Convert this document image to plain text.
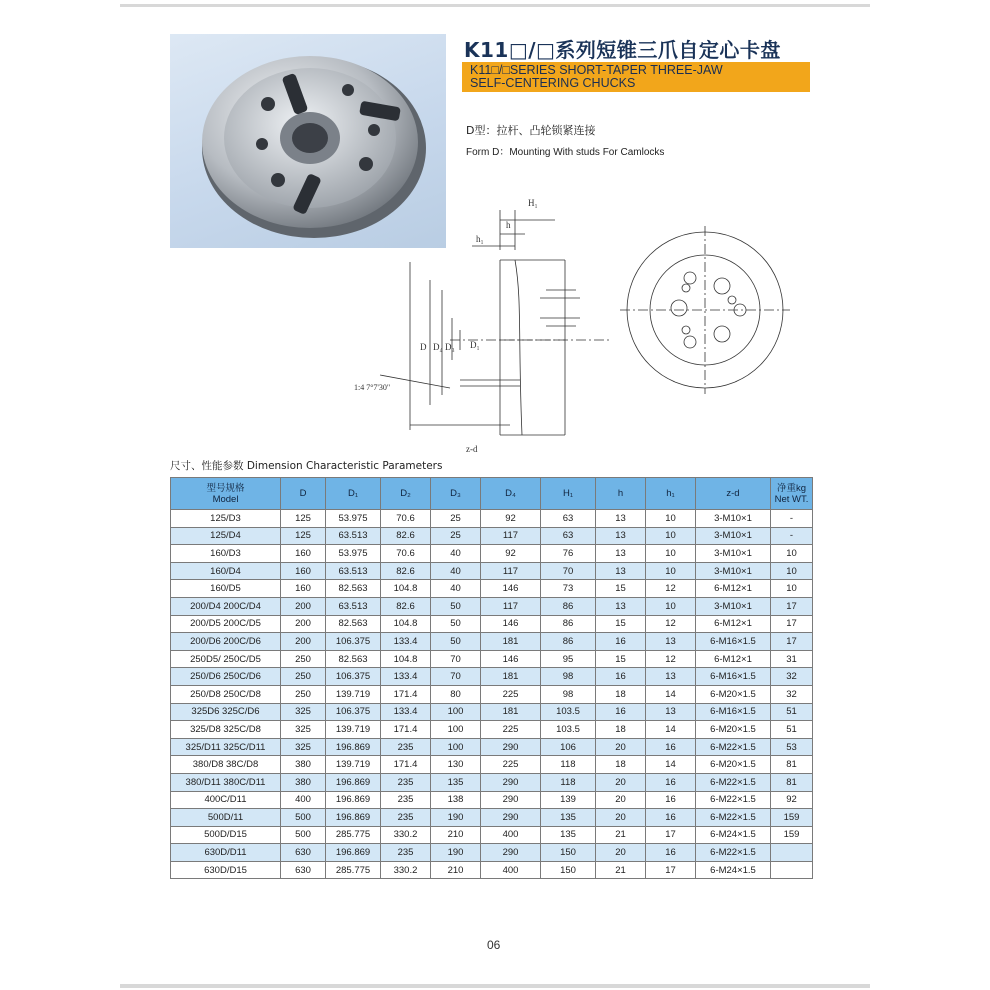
K11□/□系列短锥三爪自定心卡盘
K11□/□SERIES SHORT-TAPER THREE-JAW
SELF-CENTERING CHUCKS
D型：拉杆、凸轮锁紧连接
Form D：Mounting With studs For Camlocks
H₁
h
h₁
D D₄ D₃ D₁
1:4 7°7'30"
z-d
尺寸、性能参数 Dimension Characteristic Parameters
型号规格
Model	D	D₁	D₂	D₃	D₄	H₁	h	h₁	z-d	净重kg
Net WT.
125/D3	125	53.975	70.6	25	92	63	13	10	3-M10×1	-
125/D4	125	63.513	82.6	25	117	63	13	10	3-M10×1	-
160/D3	160	53.975	70.6	40	92	76	13	10	3-M10×1	10
160/D4	160	63.513	82.6	40	117	70	13	10	3-M10×1	10
160/D5	160	82.563	104.8	40	146	73	15	12	6-M12×1	10
200/D4 200C/D4	200	63.513	82.6	50	117	86	13	10	3-M10×1	17
200/D5 200C/D5	200	82.563	104.8	50	146	86	15	12	6-M12×1	17
200/D6 200C/D6	200	106.375	133.4	50	181	86	16	13	6-M16×1.5	17
250D5/ 250C/D5	250	82.563	104.8	70	146	95	15	12	6-M12×1	31
250/D6 250C/D6	250	106.375	133.4	70	181	98	16	13	6-M16×1.5	32
250/D8 250C/D8	250	139.719	171.4	80	225	98	18	14	6-M20×1.5	32
325D6 325C/D6	325	106.375	133.4	100	181	103.5	16	13	6-M16×1.5	51
325/D8 325C/D8	325	139.719	171.4	100	225	103.5	18	14	6-M20×1.5	51
325/D11 325C/D11	325	196.869	235	100	290	106	20	16	6-M22×1.5	53
380/D8 38C/D8	380	139.719	171.4	130	225	118	18	14	6-M20×1.5	81
380/D11 380C/D11	380	196.869	235	135	290	118	20	16	6-M22×1.5	81
400C/D11	400	196.869	235	138	290	139	20	16	6-M22×1.5	92
500D/11	500	196.869	235	190	290	135	20	16	6-M22×1.5	159
500D/D15	500	285.775	330.2	210	400	135	21	17	6-M24×1.5	159
630D/D11	630	196.869	235	190	290	150	20	16	6-M22×1.5	
630D/D15	630	285.775	330.2	210	400	150	21	17	6-M24×1.5	
06
